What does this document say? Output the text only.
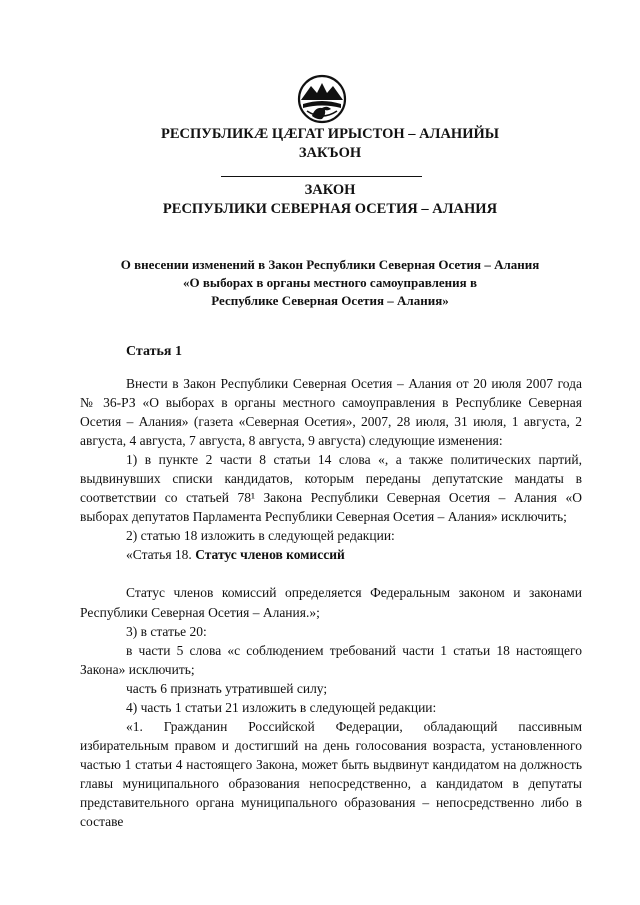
РЕСПУБЛИКÆ ЦÆГАТ ИРЫСТОН – АЛАНИЙЫ
ЗАКЪОН
ЗАКОН
РЕСПУБЛИКИ СЕВЕРНАЯ ОСЕТИЯ – АЛАНИЯ
О внесении изменений в Закон Республики Северная Осетия – Алания
«О выборах в органы местного самоуправления в
Республике Северная Осетия – Алания»
Статья 1

Внести в Закон Республики Северная Осетия – Алания от 20 июля 2007 года № 36-РЗ «О выборах в органы местного самоуправления в Республике Северная Осетия – Алания» (газета «Северная Осетия», 2007, 28 июля, 31 июля, 1 августа, 2 августа, 4 августа, 7 августа, 8 августа, 9 августа) следующие изменения:

1) в пункте 2 части 8 статьи 14 слова «, а также политических партий, выдвинувших списки кандидатов, которым переданы депутатские мандаты в соответствии со статьей 78¹ Закона Республики Северная Осетия – Алания «О выборах депутатов Парламента Республики Северная Осетия – Алания» исключить;

2) статью 18 изложить в следующей редакции:

«Статья 18. Статус членов комиссий

Статус членов комиссий определяется Федеральным законом и законами Республики Северная Осетия – Алания.»;

3) в статье 20:

в части 5 слова «с соблюдением требований части 1 статьи 18 настоящего Закона» исключить;

часть 6 признать утратившей силу;

4) часть 1 статьи 21 изложить в следующей редакции:

«1. Гражданин Российской Федерации, обладающий пассивным избирательным правом и достигший на день голосования возраста, установленного частью 1 статьи 4 настоящего Закона, может быть выдвинут кандидатом на должность главы муниципального образования непосредственно, а кандидатом в депутаты представительного органа муниципального образования – непосредственно либо в составе
